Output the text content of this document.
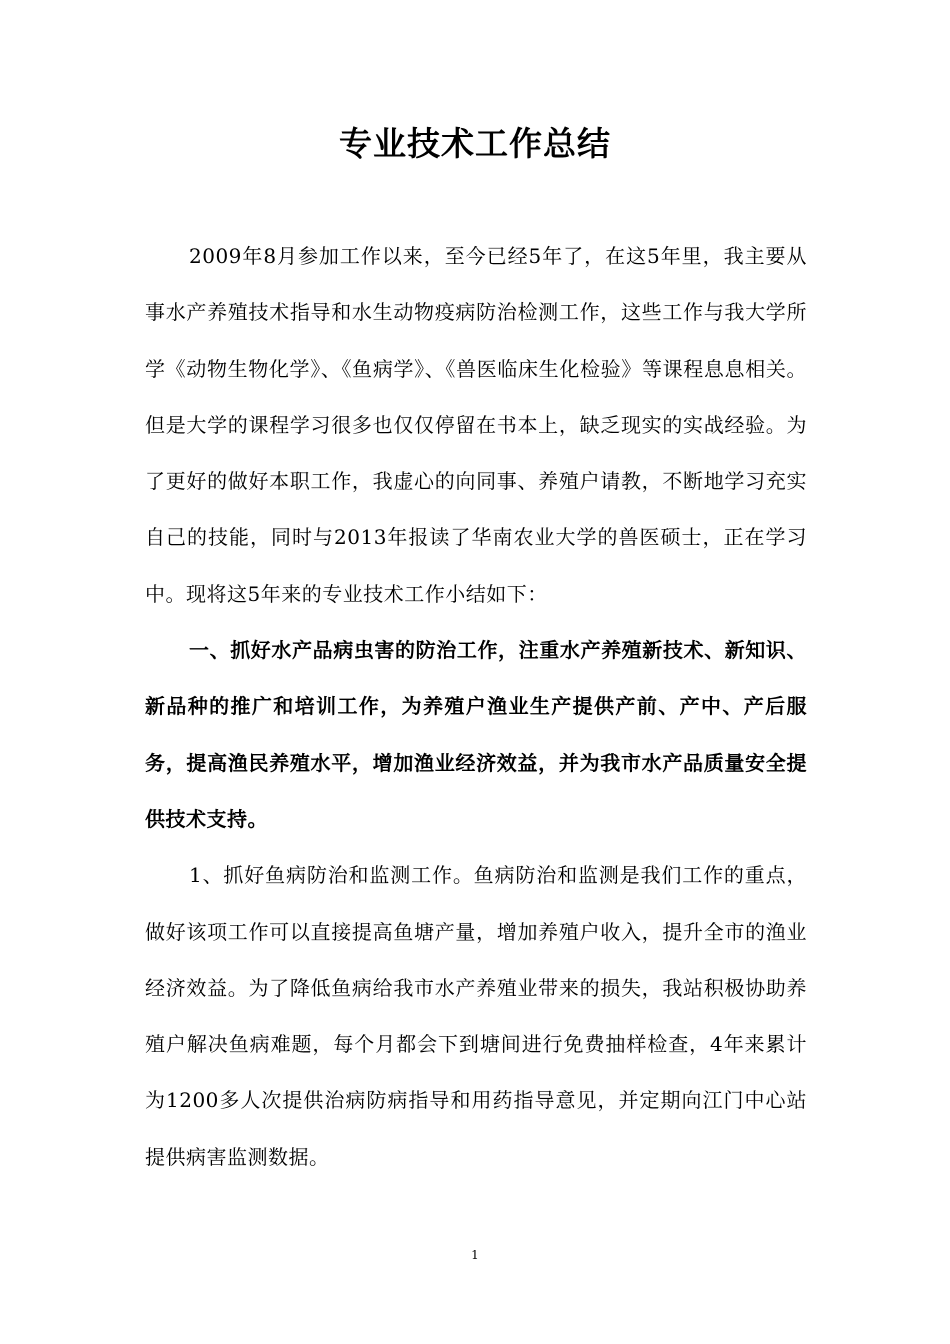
专业技术工作总结

2009年8月参加工作以来，至今已经5年了，在这5年里，我主要从事水产养殖技术指导和水生动物疫病防治检测工作，这些工作与我大学所学《动物生物化学》、《鱼病学》、《兽医临床生化检验》等课程息息相关。但是大学的课程学习很多也仅仅停留在书本上，缺乏现实的实战经验。为了更好的做好本职工作，我虚心的向同事、养殖户请教，不断地学习充实自己的技能，同时与2013年报读了华南农业大学的兽医硕士，正在学习中。现将这5年来的专业技术工作小结如下：

一、抓好水产品病虫害的防治工作，注重水产养殖新技术、新知识、新品种的推广和培训工作，为养殖户渔业生产提供产前、产中、产后服务，提高渔民养殖水平，增加渔业经济效益，并为我市水产品质量安全提供技术支持。

1、抓好鱼病防治和监测工作。鱼病防治和监测是我们工作的重点，做好该项工作可以直接提高鱼塘产量，增加养殖户收入，提升全市的渔业经济效益。为了降低鱼病给我市水产养殖业带来的损失，我站积极协助养殖户解决鱼病难题，每个月都会下到塘间进行免费抽样检查，4年来累计为1200多人次提供治病防病指导和用药指导意见，并定期向江门中心站提供病害监测数据。

1
